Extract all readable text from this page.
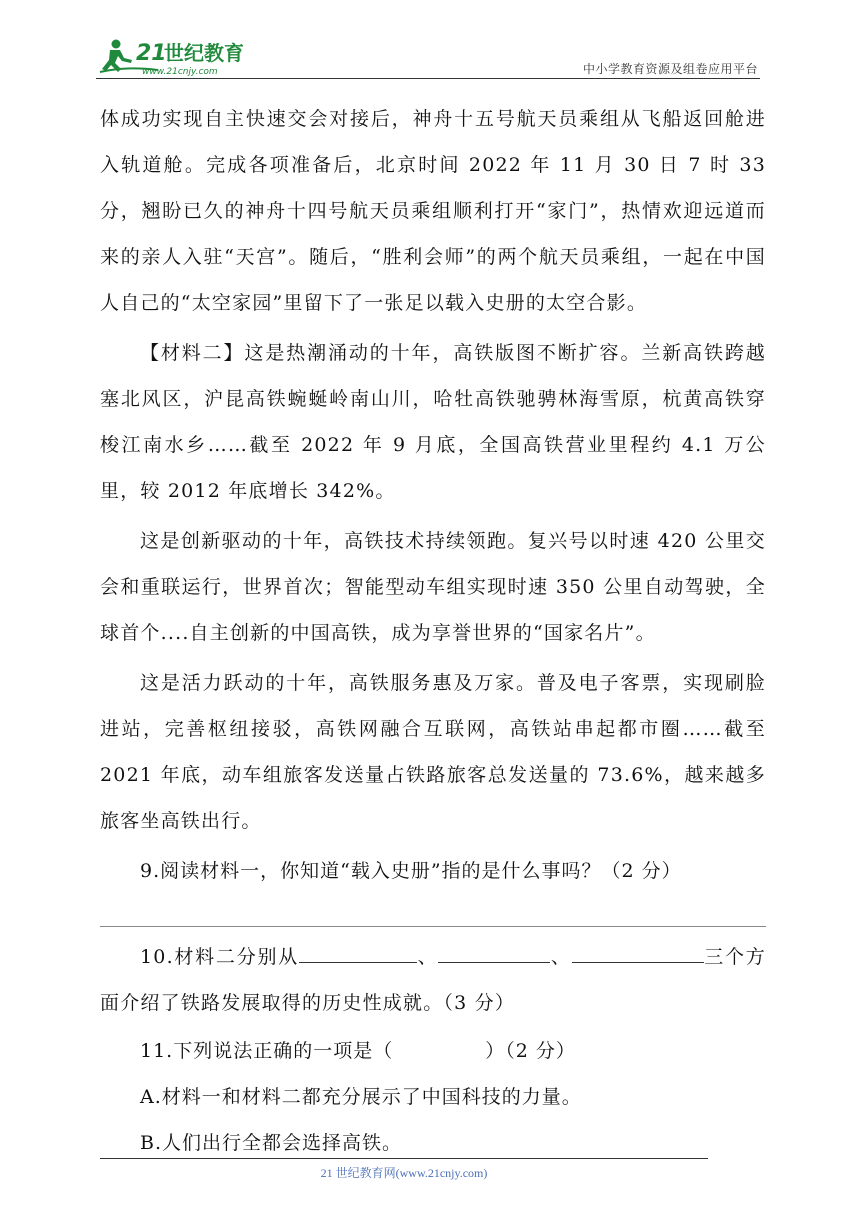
21
世纪教育
www.21cnjy.com	中小学教育资源及组卷应用平台

体成功实现自主快速交会对接后，神舟十五号航天员乘组从飞船返回舱进入轨道舱。完成各项准备后，北京时间 2022 年 11 月 30 日 7 时 33 分，翘盼已久的神舟十四号航天员乘组顺利打开“家门”，热情欢迎远道而来的亲人入驻“天宫”。随后，“胜利会师”的两个航天员乘组，一起在中国人自己的“太空家园”里留下了一张足以载入史册的太空合影。

【材料二】这是热潮涌动的十年，高铁版图不断扩容。兰新高铁跨越塞北风区，沪昆高铁蜿蜒岭南山川，哈牡高铁驰骋林海雪原，杭黄高铁穿梭江南水乡……截至 2022 年 9 月底，全国高铁营业里程约 4.1 万公里，较 2012 年底增长 342%。

这是创新驱动的十年，高铁技术持续领跑。复兴号以时速 420 公里交会和重联运行，世界首次；智能型动车组实现时速 350 公里自动驾驶，全球首个....自主创新的中国高铁，成为享誉世界的“国家名片”。

这是活力跃动的十年，高铁服务惠及万家。普及电子客票，实现刷脸进站，完善枢纽接驳，高铁网融合互联网，高铁站串起都市圈……截至 2021 年底，动车组旅客发送量占铁路旅客总发送量的 73.6%，越来越多旅客坐高铁出行。

9.阅读材料一，你知道“载入史册”指的是什么事吗？（2 分）

10.材料二分别从	、	、	三个方面介绍了铁路发展取得的历史性成就。（3 分）

11.下列说法正确的一项是（	）（2 分）

A.材料一和材料二都充分展示了中国科技的力量。

B.人们出行全都会选择高铁。

21 世纪教育网(www.21cnjy.com)
